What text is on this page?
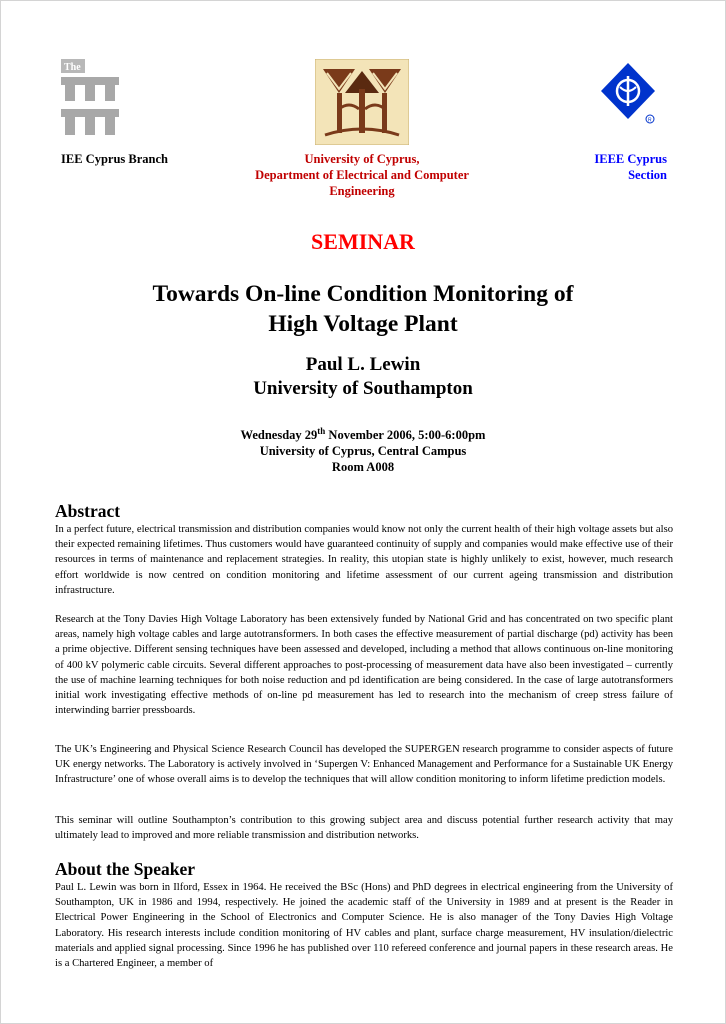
The
R
IEE Cyprus Branch	University of Cyprus,
Department of Electrical and Computer
Engineering
IEEE Cyprus
Section
SEMINAR
Towards On-line Condition Monitoring of
High Voltage Plant
Paul L. Lewin
University of Southampton
Wednesday 29th November 2006, 5:00-6:00pm
University of Cyprus, Central Campus
Room A008
Abstract

In a perfect future, electrical transmission and distribution companies would know not only the current health of their high voltage assets but also their expected remaining lifetimes. Thus customers would have guaranteed continuity of supply and companies would make effective use of their resources in terms of maintenance and replacement strategies. In reality, this utopian state is highly unlikely to exist, however, much research effort worldwide is now centred on condition monitoring and lifetime assessment of our current ageing transmission and distribution infrastructure.

Research at the Tony Davies High Voltage Laboratory has been extensively funded by National Grid and has concentrated on two specific plant areas, namely high voltage cables and large autotransformers. In both cases the effective measurement of partial discharge (pd) activity has been a prime objective. Different sensing techniques have been assessed and developed, including a method that allows continuous on-line monitoring of 400 kV polymeric cable circuits. Several different approaches to post-processing of measurement data have also been investigated – currently the use of machine learning techniques for both noise reduction and pd identification are being considered. In the case of large autotransformers initial work investigating effective methods of on-line pd measurement has led to research into the mechanism of creep stress failure of interwinding barrier pressboards.

The UK’s Engineering and Physical Science Research Council has developed the SUPERGEN research programme to consider aspects of future UK energy networks. The Laboratory is actively involved in ‘Supergen V: Enhanced Management and Performance for a Sustainable UK Energy Infrastructure’ one of whose overall aims is to develop the techniques that will allow condition monitoring to inform lifetime prediction models.

This seminar will outline Southampton’s contribution to this growing subject area and discuss potential further research activity that may ultimately lead to improved and more reliable transmission and distribution networks.

About the Speaker

Paul L. Lewin was born in Ilford, Essex in 1964. He received the BSc (Hons) and PhD degrees in electrical engineering from the University of Southampton, UK in 1986 and 1994, respectively. He joined the academic staff of the University in 1989 and at present is the Reader in Electrical Power Engineering in the School of Electronics and Computer Science. He is also manager of the Tony Davies High Voltage Laboratory. His research interests include condition monitoring of HV cables and plant, surface charge measurement, HV insulation/dielectric materials and applied signal processing. Since 1996 he has published over 110 refereed conference and journal papers in these research areas. He is a Chartered Engineer, a member of
